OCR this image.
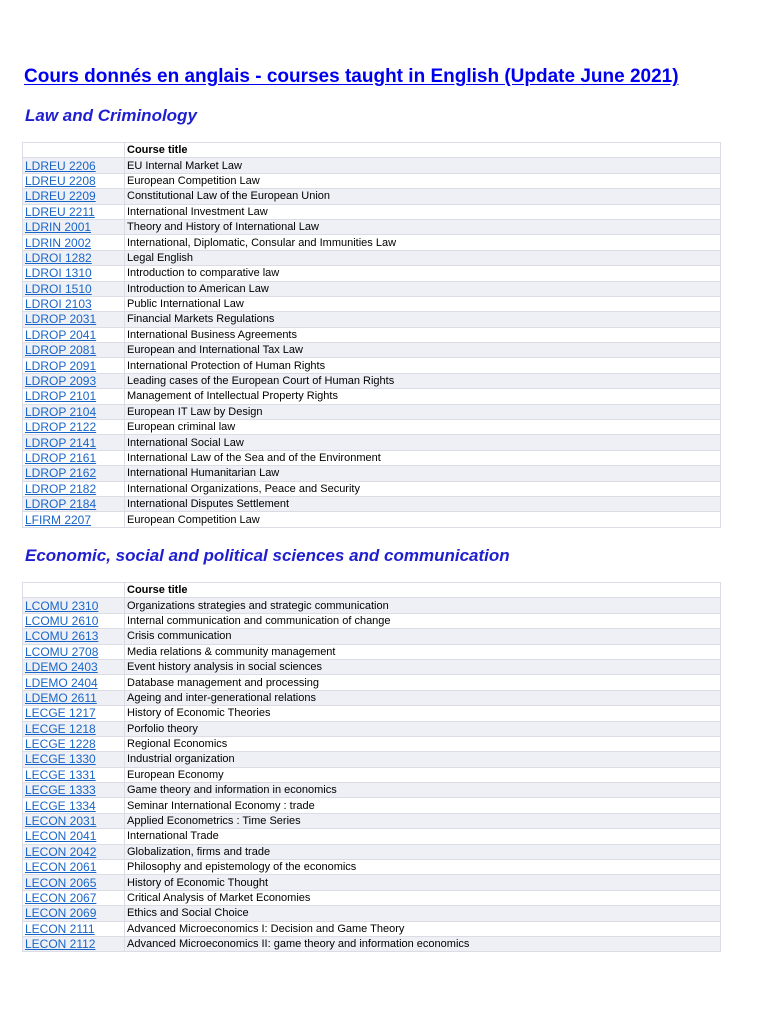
Cours donnés en anglais - courses taught in English (Update June 2021)
Law and Criminology
	Course title
LDREU 2206	EU Internal Market Law
LDREU 2208	European Competition Law
LDREU 2209	Constitutional Law of the European Union
LDREU 2211	International Investment Law
LDRIN 2001	Theory and History of International Law
LDRIN 2002	International, Diplomatic, Consular and Immunities Law
LDROI 1282	Legal English
LDROI 1310	Introduction to comparative law
LDROI 1510	Introduction to American Law
LDROI 2103	Public International Law
LDROP 2031	Financial Markets Regulations
LDROP 2041	International Business Agreements
LDROP 2081	European and International Tax Law
LDROP 2091	International Protection of Human Rights
LDROP 2093	Leading cases of the European Court of Human Rights
LDROP 2101	Management of Intellectual Property Rights
LDROP 2104	European IT Law by Design
LDROP 2122	European criminal law
LDROP 2141	International Social Law
LDROP 2161	International Law of the Sea and of the Environment
LDROP 2162	International Humanitarian Law
LDROP 2182	International Organizations, Peace and Security
LDROP 2184	International Disputes Settlement
LFIRM 2207	European Competition Law
Economic, social and political sciences and communication
	Course title
LCOMU 2310	Organizations strategies and strategic communication
LCOMU 2610	Internal communication and communication of change
LCOMU 2613	Crisis communication
LCOMU 2708	Media relations & community management
LDEMO 2403	Event history analysis in social sciences
LDEMO 2404	Database management and processing
LDEMO 2611	Ageing and inter-generational relations
LECGE 1217	History of Economic Theories
LECGE 1218	Porfolio theory
LECGE 1228	Regional Economics
LECGE 1330	Industrial organization
LECGE 1331	European Economy
LECGE 1333	Game theory and information in economics
LECGE 1334	Seminar International Economy : trade
LECON 2031	Applied Econometrics : Time Series
LECON 2041	International Trade
LECON 2042	Globalization, firms and trade
LECON 2061	Philosophy and epistemology of the economics
LECON 2065	History of Economic Thought
LECON 2067	Critical Analysis of Market Economies
LECON 2069	Ethics and Social Choice
LECON 2111	Advanced Microeconomics I: Decision and Game Theory
LECON 2112	Advanced Microeconomics II: game theory and information economics
